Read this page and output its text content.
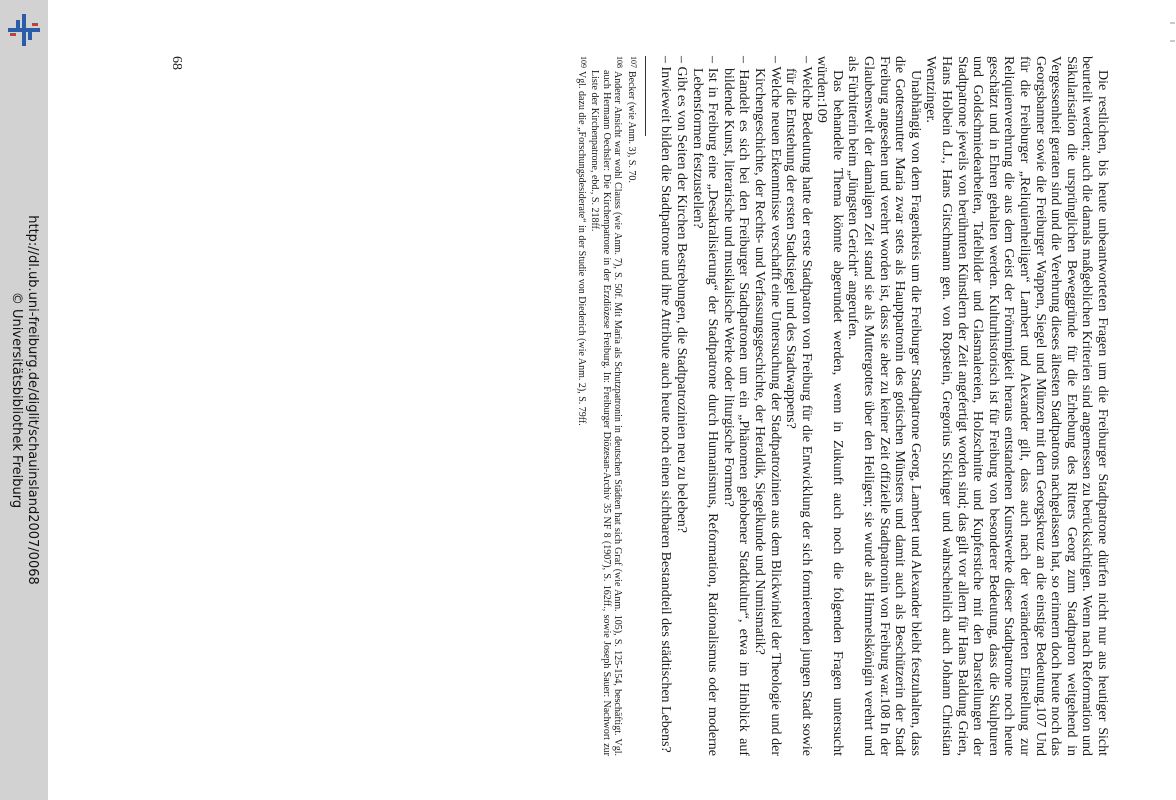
http://dl.ub.uni-freiburg.de/diglit/schauinsland2007/0068
© Universitätsbibliothek Freiburg	Die restlichen, bis heute unbeantworteten Fragen um die Freiburger Stadtpatrone dürfen nicht nur aus heutiger Sicht beurteilt werden; auch die damals maßgeblichen Kriterien sind angemessen zu berücksichtigen. Wenn nach Reformation und Säkularisation die ursprünglichen Beweggründe für die Erhebung des Ritters Georg zum Stadtpatron weitgehend in Vergessenheit geraten sind und die Verehrung dieses ältesten Stadtpatrons nachgelassen hat, so erinnern doch heute noch das Georgsbanner sowie die Freiburger Wappen, Siegel und Münzen mit dem Georgskreuz an die einstige Bedeutung.107 Und für die Freiburger „Reliquienheiligen“ Lambert und Alexander gilt, dass auch nach der veränderten Einstellung zur Reliquienverehrung die aus dem Geist der Frömmigkeit heraus entstandenen Kunstwerke dieser Stadtpatrone noch heute geschätzt und in Ehren gehalten werden. Kulturhistorisch ist für Freiburg von besonderer Bedeutung, dass die Skulpturen und Goldschmiedearbeiten, Tafelbilder und Glasmalereien, Holzschnitte und Kupferstiche mit den Darstellungen der Stadtpatrone jeweils von berühmten Künstlern der Zeit angefertigt worden sind; das gilt vor allem für Hans Baldung Grien, Hans Holbein d.J., Hans Gitschmann gen. von Ropstein, Gregorius Sickinger und wahrscheinlich auch Johann Christian Wentzinger.

Unabhängig von dem Fragenkreis um die Freiburger Stadtpatrone Georg, Lambert und Alexander bleibt festzuhalten, dass die Gottesmutter Maria zwar stets als Hauptpatronin des gotischen Münsters und damit auch als Beschützerin der Stadt Freiburg angesehen und verehrt worden ist, dass sie aber zu keiner Zeit offizielle Stadtpatronin von Freiburg war.108 In der Glaubenswelt der damaligen Zeit stand sie als Muttergottes über den Heiligen; sie wurde als Himmelskönigin verehrt und als Fürbitterin beim „Jüngsten Gericht“ angerufen.

Das behandelte Thema könnte abgerundet werden, wenn in Zukunft auch noch die folgenden Fragen untersucht würden:109

– Welche Bedeutung hatte der erste Stadtpatron von Freiburg für die Entwicklung der sich formierenden jungen Stadt sowie für die Entstehung der ersten Stadtsiegel und des Stadtwappens?
– Welche neuen Erkenntnisse verschafft eine Untersuchung der Stadtpatrozinien aus dem Blickwinkel der Theologie und der Kirchengeschichte, der Rechts- und Verfassungsgeschichte, der Heraldik, Siegelkunde und Numismatik?
– Handelt es sich bei den Freiburger Stadtpatronen um ein „Phänomen gehobener Stadtkultur“, etwa im Hinblick auf bildende Kunst, literarische und musikalische Werke oder liturgische Formen?
– Ist in Freiburg eine „Desakralisierung“ der Stadtpatrone durch Humanismus, Reformation, Rationalismus oder moderne Lebensformen festzustellen?
– Gibt es von Seiten der Kirchen Bestrebungen, die Stadtpatrozinien neu zu beleben?
– Inwieweit bilden die Stadtpatrone und ihre Attribute auch heute noch einen sichtbaren Bestandteil des städtischen Lebens?
$^{107}$Becker (wie Anm. 3), S. 70.
$^{108}$Anderer Ansicht war wohl Clauss (wie Anm. 7), S. 50f. Mit Maria als Schutzpatronin in deutschen Städten hat sich Graf (wie Anm. 105), S. 125-154, beschäftigt. Vgl. auch Hermann Oechsler: Die Kirchenpatrone in der Erzdiözese Freiburg. In: Freiburger Diözesan-Archiv 35 NF 8 (1907), S. 162ff., sowie Joseph Sauer: Nachwort zur Liste der Kirchenpatrone, ebd., S. 218ff.
$^{109}$Vgl. dazu die „Forschungsdesiderate“ in der Studie von Diederich (wie Anm. 2), S. 79ff.
68
